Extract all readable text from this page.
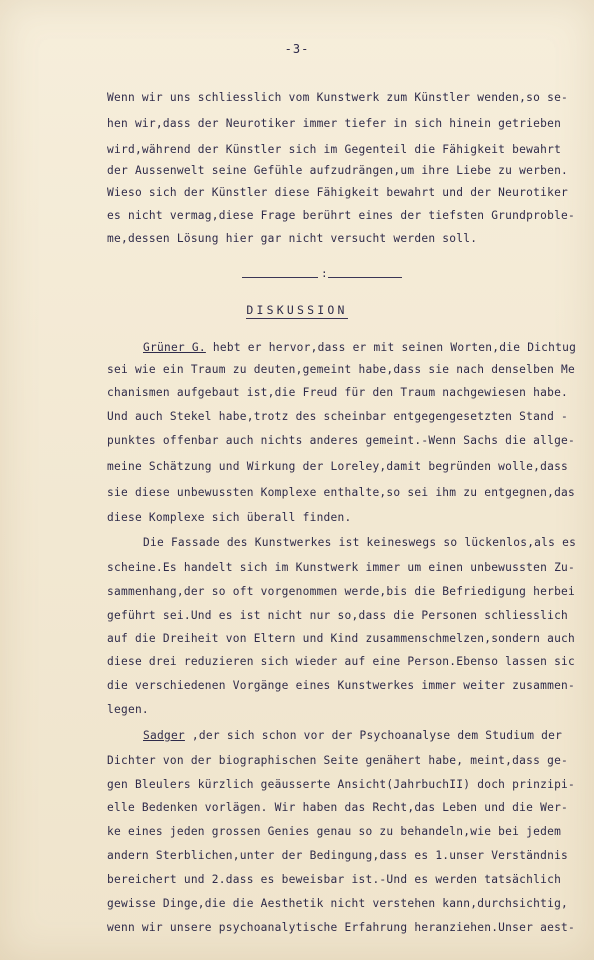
-3-
Wenn wir uns schliesslich vom Kunstwerk zum Künstler wenden,so se-
hen wir,dass der Neurotiker immer tiefer in sich hinein getrieben
wird,während der Künstler sich im Gegenteil die Fähigkeit bewahrt
der Aussenwelt seine Gefühle aufzudrängen,um ihre Liebe zu werben.
Wieso sich der Künstler diese Fähigkeit bewahrt und der Neurotiker
es nicht vermag,diese Frage berührt eines der tiefsten Grundproble-
me,dessen Lösung hier gar nicht versucht werden soll.
:
DISKUSSION
Grüner G. hebt er hervor,dass er mit seinen Worten,die Dichtug
sei wie ein Traum zu deuten,gemeint habe,dass sie nach denselben Me
chanismen aufgebaut ist,die Freud für den Traum nachgewiesen habe.
Und auch Stekel habe,trotz des scheinbar entgegengesetzten Stand -
punktes offenbar auch nichts anderes gemeint.-Wenn Sachs die allge-
meine Schätzung und Wirkung der Loreley,damit begründen wolle,dass
sie diese unbewussten Komplexe enthalte,so sei ihm zu entgegnen,das
diese Komplexe sich überall finden.
Die Fassade des Kunstwerkes ist keineswegs so lückenlos,als es
scheine.Es handelt sich im Kunstwerk immer um einen unbewussten Zu-
sammenhang,der so oft vorgenommen werde,bis die Befriedigung herbei
geführt sei.Und es ist nicht nur so,dass die Personen schliesslich
auf die Dreiheit von Eltern und Kind zusammenschmelzen,sondern auch
diese drei reduzieren sich wieder auf eine Person.Ebenso lassen sic
die verschiedenen Vorgänge eines Kunstwerkes immer weiter zusammen-
legen.
Sadger ,der sich schon vor der Psychoanalyse dem Studium der
Dichter von der biographischen Seite genähert habe, meint,dass ge-
gen Bleulers kürzlich geäusserte Ansicht(JahrbuchII) doch prinzipi-
elle Bedenken vorlägen. Wir haben das Recht,das Leben und die Wer-
ke eines jeden grossen Genies genau so zu behandeln,wie bei jedem
andern Sterblichen,unter der Bedingung,dass es 1.unser Verständnis
bereichert und 2.dass es beweisbar ist.-Und es werden tatsächlich
gewisse Dinge,die die Aesthetik nicht verstehen kann,durchsichtig,
wenn wir unsere psychoanalytische Erfahrung heranziehen.Unser aest-
